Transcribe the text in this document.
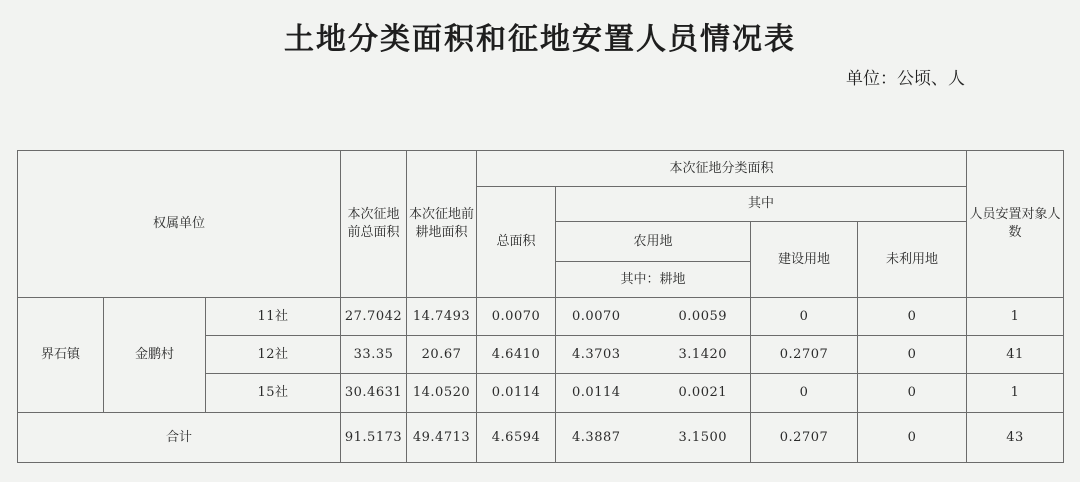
土地分类面积和征地安置人员情况表
单位：公顷、人
权属单位			本次征地前总面积	本次征地前耕地面积	本次征地分类面积				人员安置对象人数
					总面积	其中			
						农用地	建设用地	未利用地	
						其中：耕地			
界石镇	金鹏村	11社	27.7042	14.7493	0.0070	0.0070 0.0059	0	0	1
		12社	33.35	20.67	4.6410	4.3703 3.1420	0.2707	0	41
		15社	30.4631	14.0520	0.0114	0.0114 0.0021	0	0	1
合计			91.5173	49.4713	4.6594	4.3887 3.1500	0.2707	0	43
